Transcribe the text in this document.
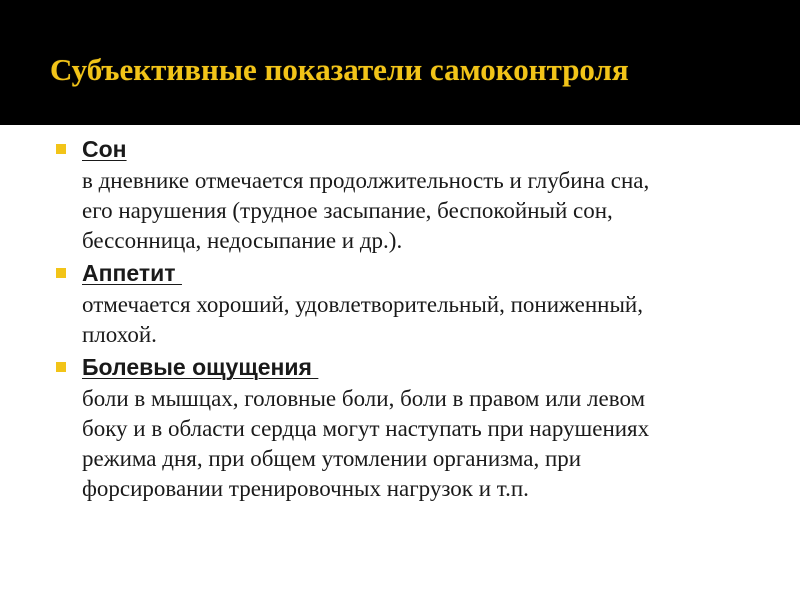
Субъективные показатели самоконтроля
Сон
в дневнике отмечается продолжительность и глубина сна,
его нарушения (трудное засыпание, беспокойный сон,
бессонница, недосыпание и др.).
Аппетит
отмечается хороший, удовлетворительный, пониженный,
плохой.
Болевые ощущения
боли в мышцах, головные боли, боли в правом или левом
боку и в области сердца могут наступать при нарушениях
режима дня, при общем утомлении организма, при
форсировании тренировочных нагрузок и т.п.
